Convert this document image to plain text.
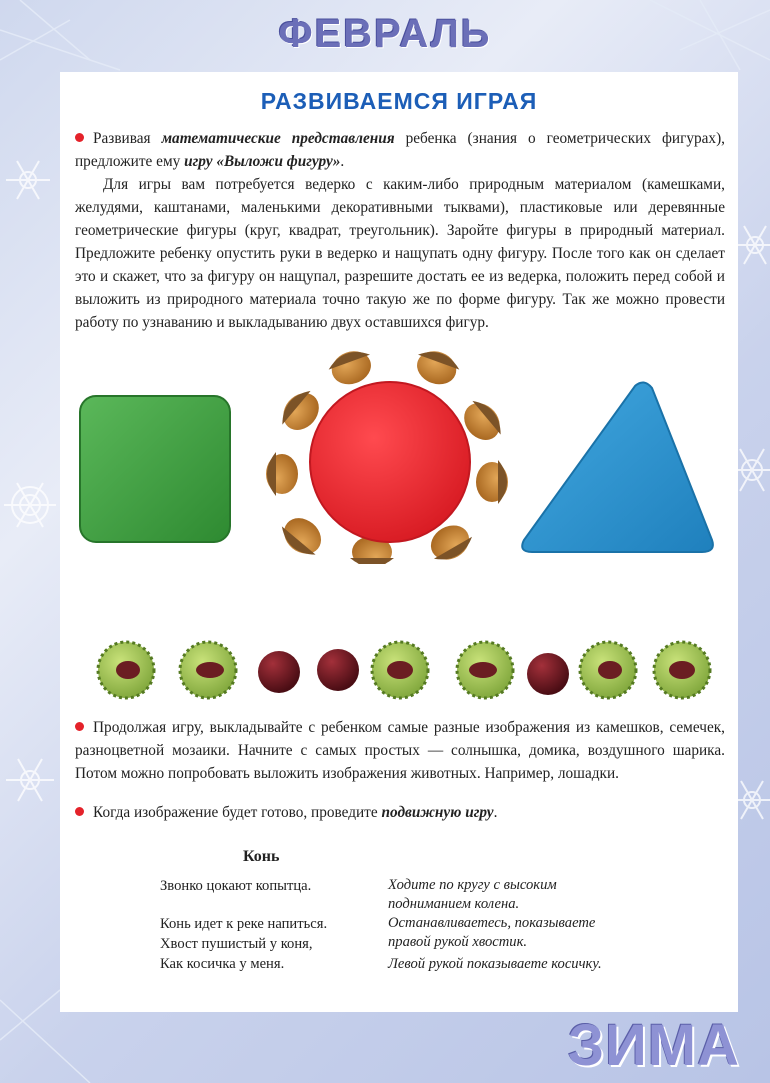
ФЕВРАЛЬ
РАЗВИВАЕМСЯ ИГРАЯ

Развивая математические представления ребенка (знания о геометрических фигурах), предложите ему игру «Выложи фигуру».

Для игры вам потребуется ведерко с каким-либо природным материалом (камешками, желудями, каштанами, маленькими декоративными тыквами), пластиковые или деревянные геометрические фигуры (круг, квадрат, треугольник). Заройте фигуры в природный материал. Предложите ребенку опустить руки в ведерко и нащупать одну фигуру. После того как он сделает это и скажет, что за фигуру он нащупал, разрешите достать ее из ведерка, положить перед собой и выложить из природного материала точно такую же по форме фигуру. Так же можно провести работу по узнаванию и выкладыванию двух оставшихся фигур.

Продолжая игру, выкладывайте с ребенком самые разные изображения из камешков, семечек, разноцветной мозаики. Начните с самых простых — солнышка, домика, воздушного шарика. Потом можно попробовать выложить изображения животных. Например, лошадки.

Когда изображение будет готово, проведите подвижную игру.

Конь

Звонко цокают копытца.

Конь идет к реке напиться.

Хвост пушистый у коня,

Как косичка у меня.

Ходите по кругу с высоким

подниманием колена.

Останавливаетесь, показываете

правой рукой хвостик.

Левой рукой показываете косичку.

ЗИМА
